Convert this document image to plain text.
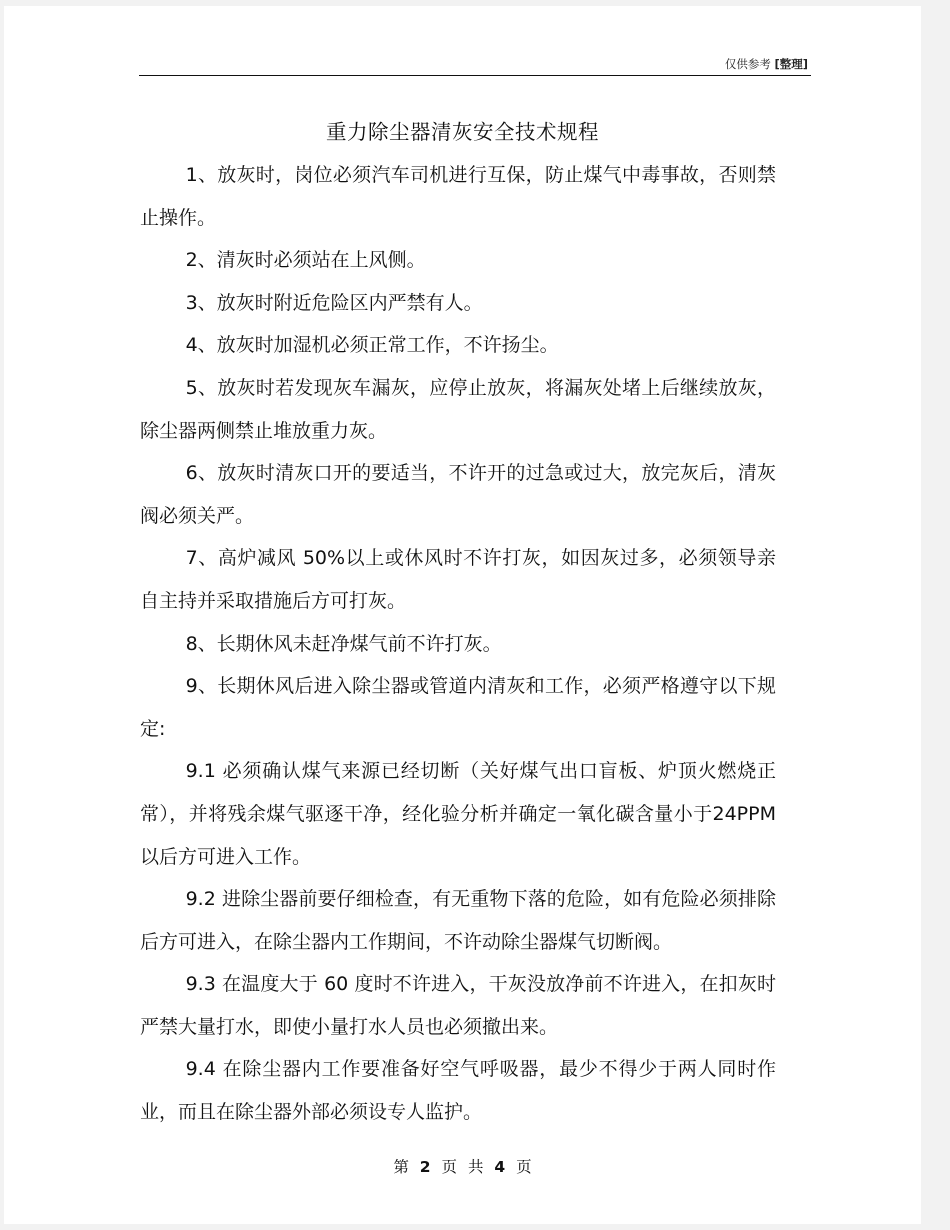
仅供参考 [整理]
重力除尘器清灰安全技术规程

1、放灰时，岗位必须汽车司机进行互保，防止煤气中毒事故，否则禁止操作。

2、清灰时必须站在上风侧。

3、放灰时附近危险区内严禁有人。

4、放灰时加湿机必须正常工作，不许扬尘。

5、放灰时若发现灰车漏灰，应停止放灰，将漏灰处堵上后继续放灰，除尘器两侧禁止堆放重力灰。

6、放灰时清灰口开的要适当，不许开的过急或过大，放完灰后，清灰阀必须关严。

7、高炉减风 50%以上或休风时不许打灰，如因灰过多，必须领导亲自主持并采取措施后方可打灰。

8、长期休风未赶净煤气前不许打灰。

9、长期休风后进入除尘器或管道内清灰和工作，必须严格遵守以下规定:

9.1 必须确认煤气来源已经切断（关好煤气出口盲板、炉顶火燃烧正常），并将残余煤气驱逐干净，经化验分析并确定一氧化碳含量小于24PPM以后方可进入工作。

9.2 进除尘器前要仔细检查，有无重物下落的危险，如有危险必须排除后方可进入，在除尘器内工作期间，不许动除尘器煤气切断阀。

9.3 在温度大于 60 度时不许进入，干灰没放净前不许进入，在扣灰时严禁大量打水，即使小量打水人员也必须撤出来。

9.4 在除尘器内工作要准备好空气呼吸器，最少不得少于两人同时作业，而且在除尘器外部必须设专人监护。

第 2 页 共 4 页
